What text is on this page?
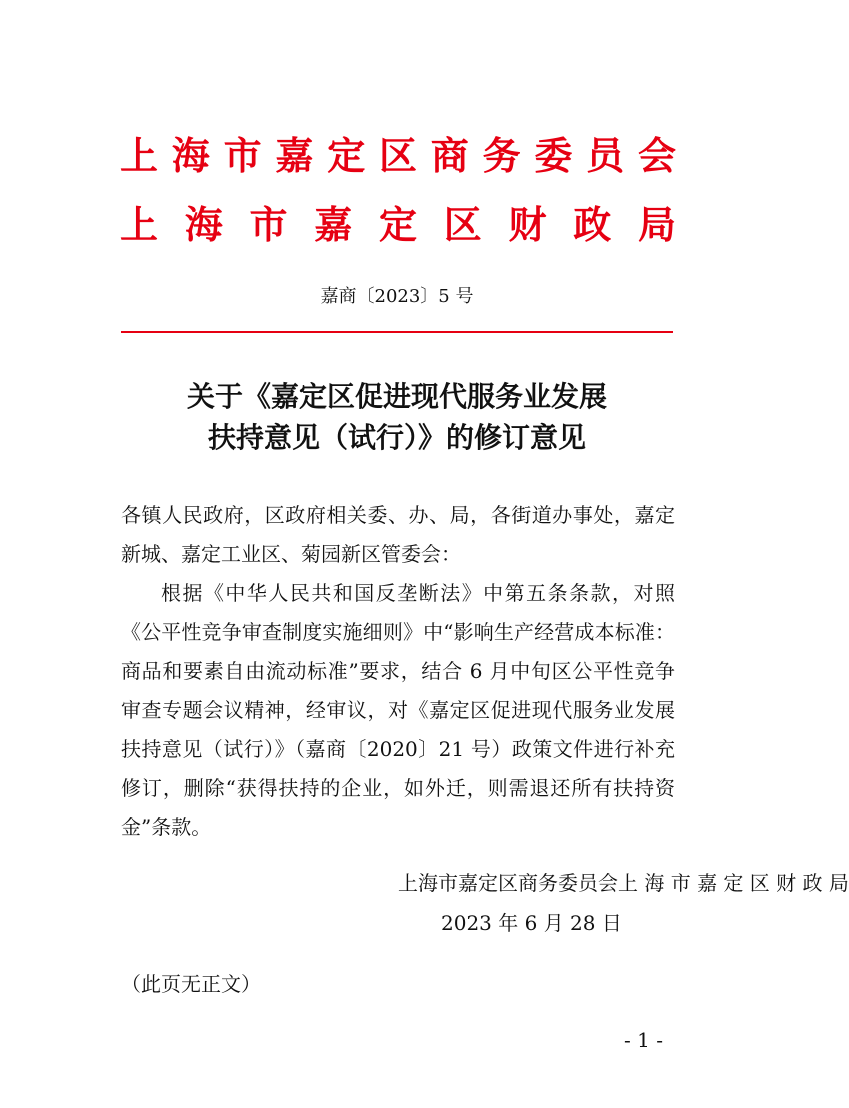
上海市嘉定区商务委员会
上海市嘉定区财政局
嘉商〔2023〕5 号
关于《嘉定区促进现代服务业发展
扶持意见（试行）》的修订意见

各镇人民政府，区政府相关委、办、局，各街道办事处，嘉定新城、嘉定工业区、菊园新区管委会：

根据《中华人民共和国反垄断法》中第五条条款，对照《公平性竞争审查制度实施细则》中“影响生产经营成本标准：商品和要素自由流动标准”要求，结合 6 月中旬区公平性竞争审查专题会议精神，经审议，对《嘉定区促进现代服务业发展扶持意见（试行）》（嘉商〔2020〕21 号）政策文件进行补充修订，删除“获得扶持的企业，如外迁，则需退还所有扶持资金”条款。

上海市嘉定区商务委员会上 海 市 嘉 定 区 财 政 局
2023 年 6 月 28 日
（此页无正文）
- 1 -
